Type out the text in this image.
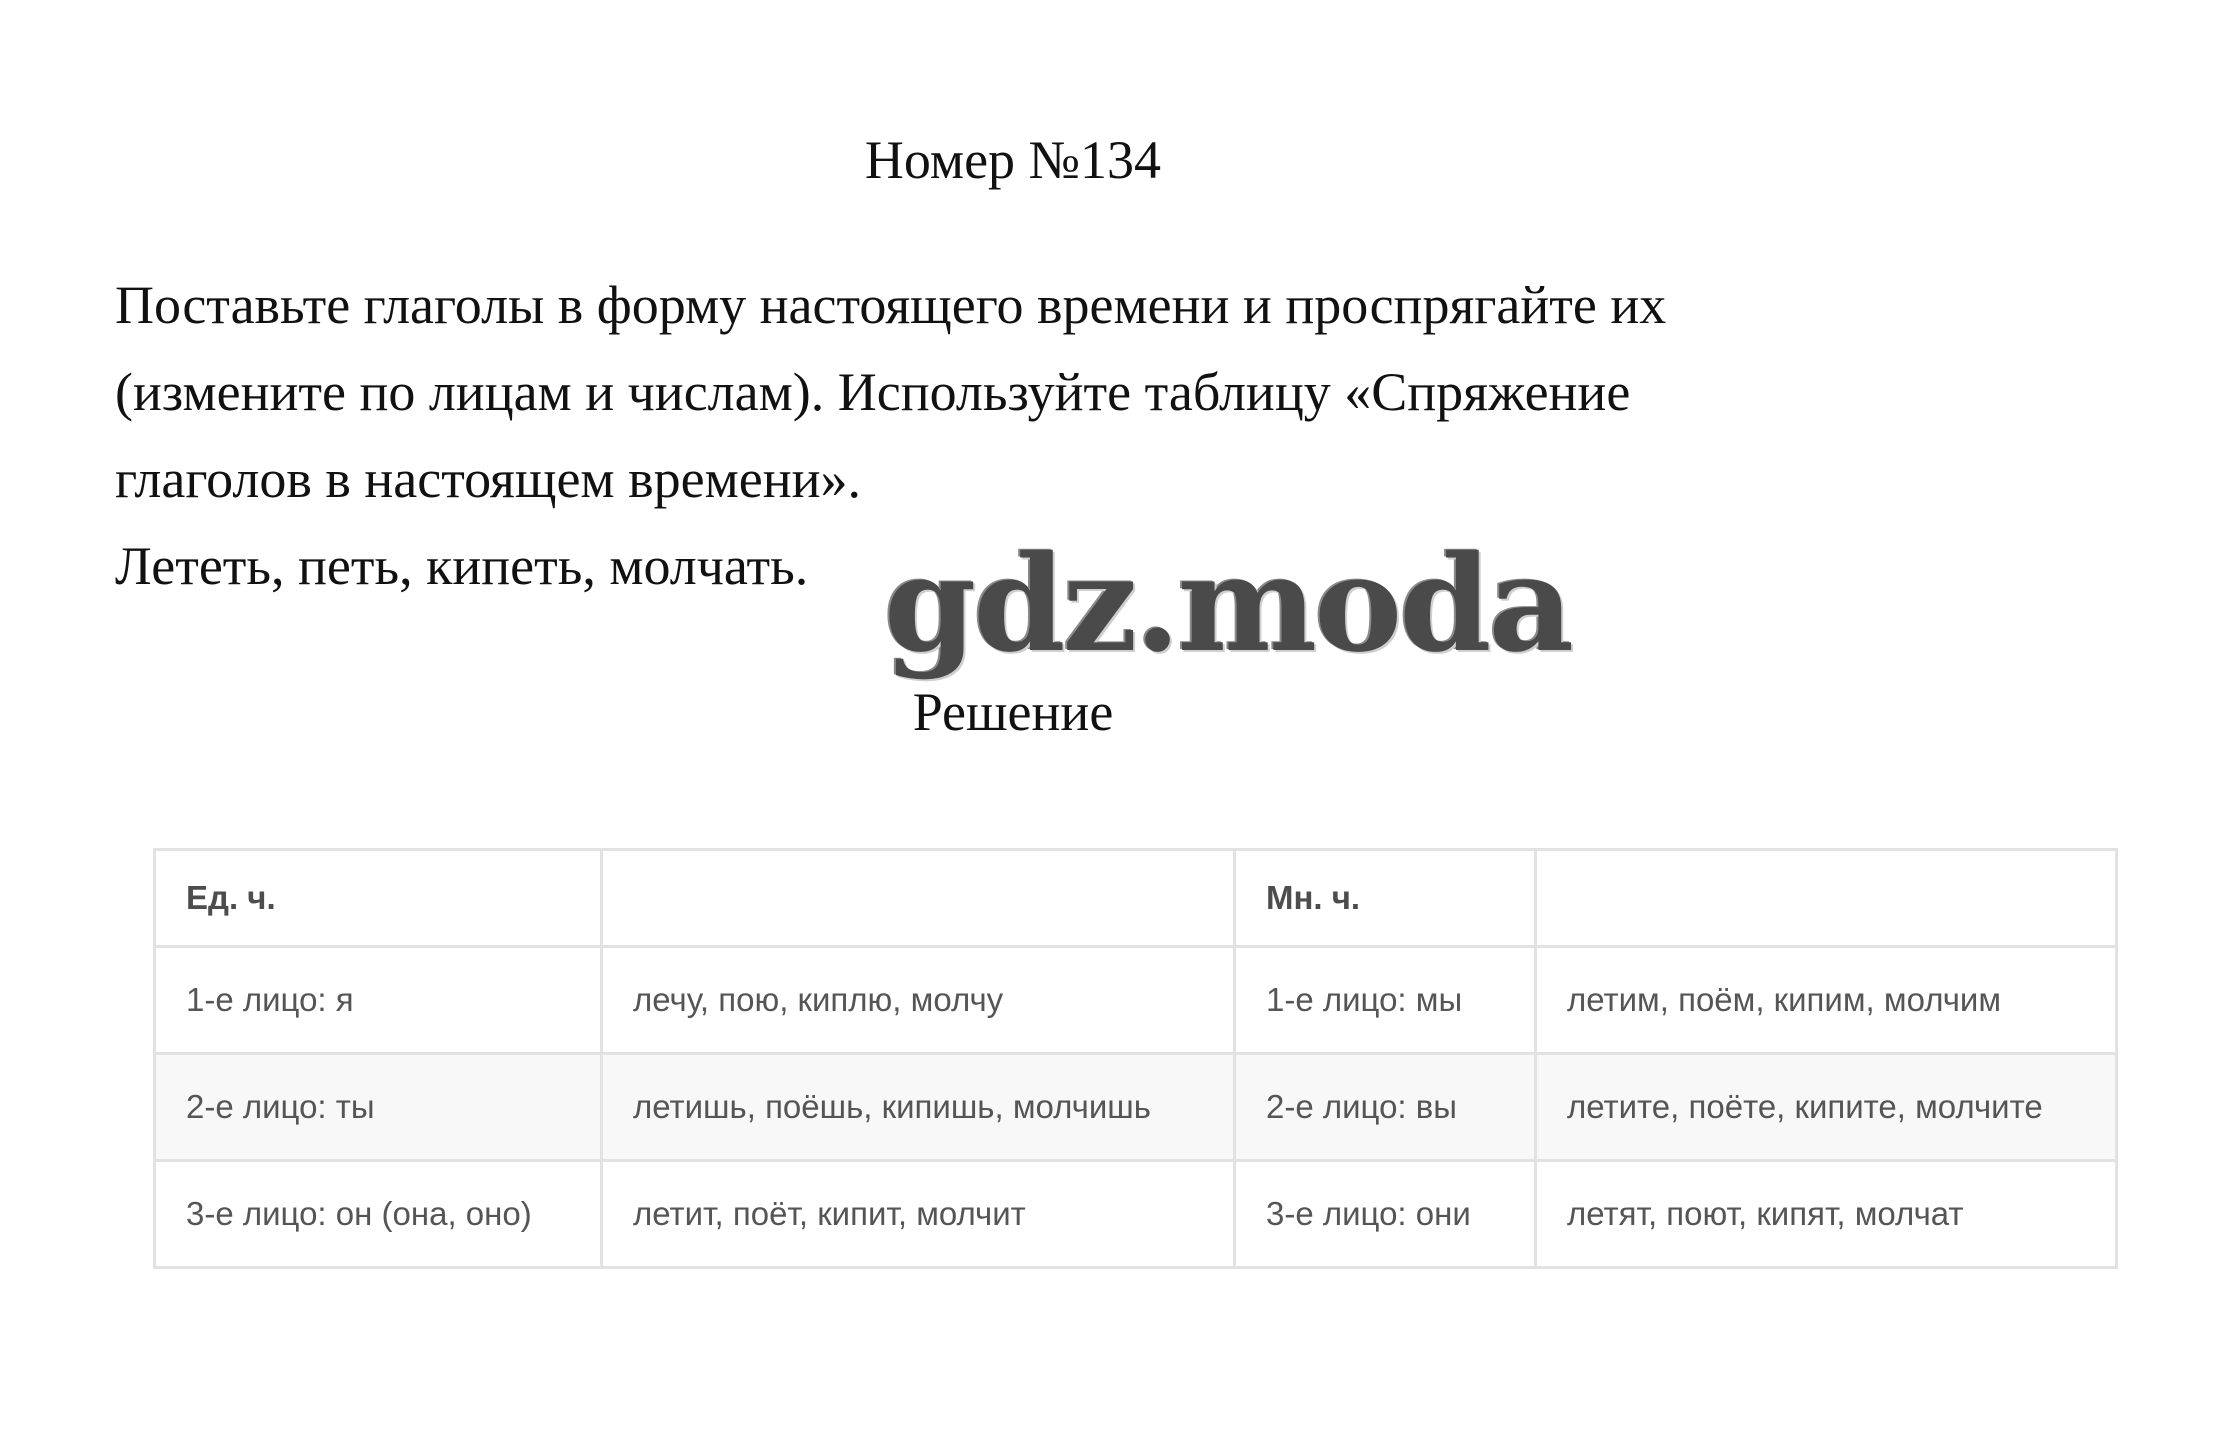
Номер №134

Поставьте глаголы в форму настоящего времени и проспрягайте их

(измените по лицам и числам). Используйте таблицу «Спряжение

глаголов в настоящем времени».

Лететь, петь, кипеть, молчать. gdz.moda
Решение
Ед. ч.		Мн. ч.	
1-е лицо: я	лечу, пою, киплю, молчу	1-е лицо: мы	летим, поём, кипим, молчим
2-е лицо: ты	летишь, поёшь, кипишь, молчишь	2-е лицо: вы	летите, поёте, кипите, молчите
3-е лицо: он (она, оно)	летит, поёт, кипит, молчит	3-е лицо: они	летят, поют, кипят, молчат
